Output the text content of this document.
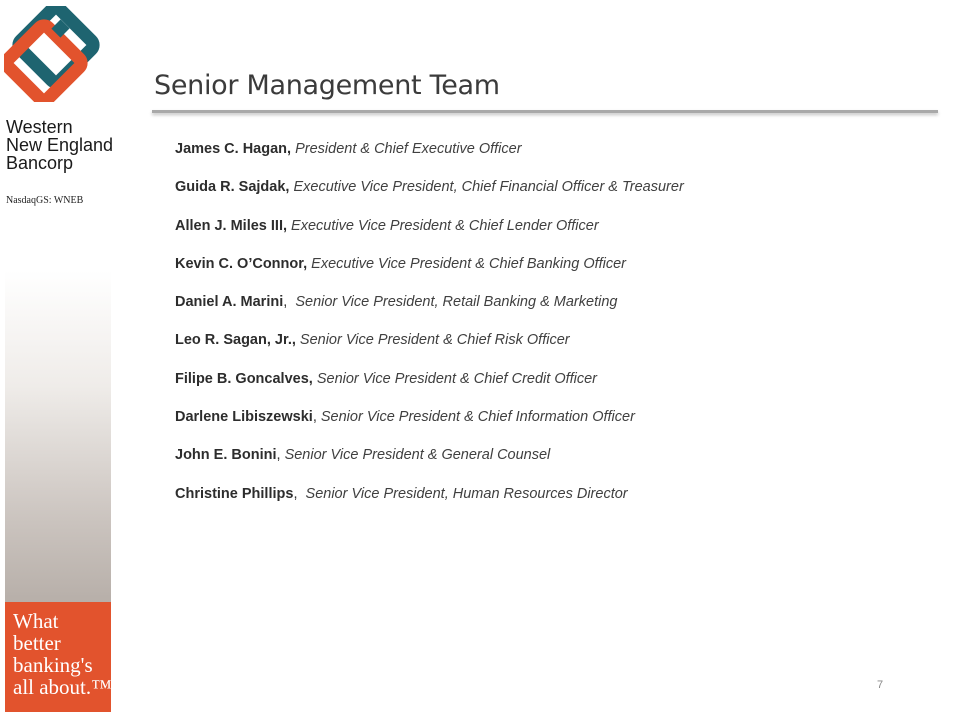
Western
New England
Bancorp
NasdaqGS: WNEB
What
better
banking's
all about.™
Senior Management Team
James C. Hagan, President & Chief Executive Officer
Guida R. Sajdak, Executive Vice President, Chief Financial Officer & Treasurer
Allen J. Miles III, Executive Vice President & Chief Lender Officer
Kevin C. O’Connor, Executive Vice President & Chief Banking Officer
Daniel A. Marini,  Senior Vice President, Retail Banking & Marketing
Leo R. Sagan, Jr., Senior Vice President & Chief Risk Officer
Filipe B. Goncalves, Senior Vice President & Chief Credit Officer
Darlene Libiszewski, Senior Vice President & Chief Information Officer
John E. Bonini, Senior Vice President & General Counsel
Christine Phillips,  Senior Vice President, Human Resources Director
7
